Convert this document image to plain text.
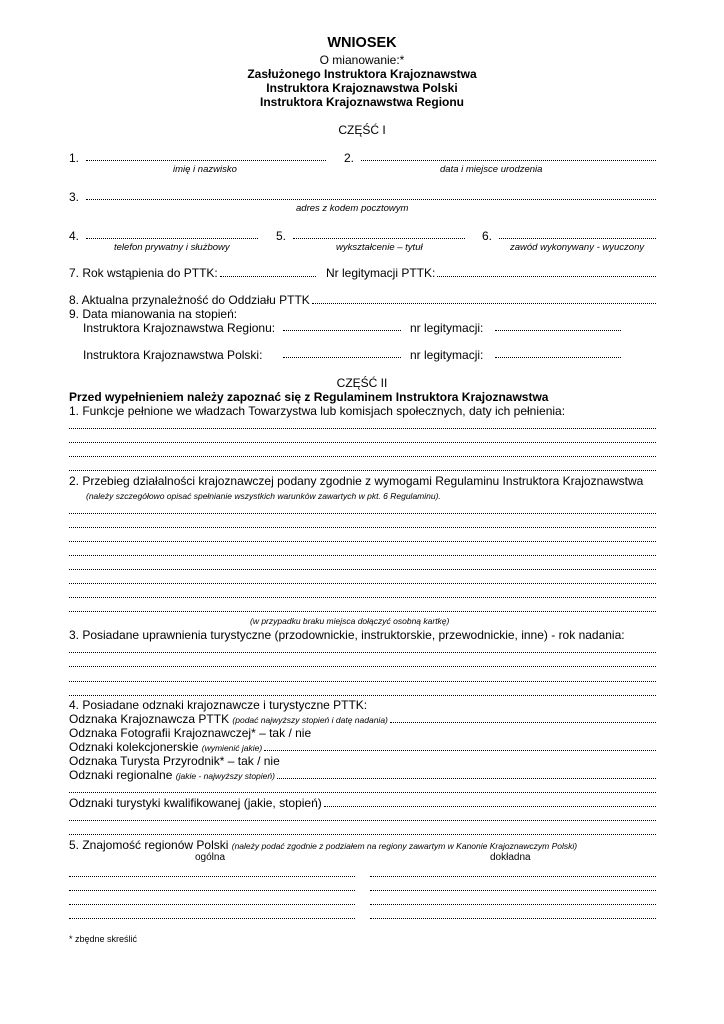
WNIOSEK
O mianowanie:*
Zasłużonego Instruktora Krajoznawstwa
Instruktora Krajoznawstwa Polski
Instruktora Krajoznawstwa Regionu
CZĘŚĆ I
1.	2.
imię i nazwisko	data i miejsce urodzenia
3.
adres z kodem pocztowym
4.	5.	6.
telefon prywatny i służbowy	wykształcenie – tytuł	zawód wykonywany - wyuczony
7. Rok wstąpienia do PTTK:	Nr legitymacji PTTK:
8. Aktualna przynależność do Oddziału PTTK
9. Data mianowania na stopień:
Instruktora Krajoznawstwa Regionu:	nr legitymacji:
Instruktora Krajoznawstwa Polski:	nr legitymacji:
CZĘŚĆ II
Przed wypełnieniem należy zapoznać się z Regulaminem Instruktora Krajoznawstwa
1. Funkcje pełnione we władzach Towarzystwa lub komisjach społecznych, daty ich pełnienia:
2. Przebieg działalności krajoznawczej podany zgodnie z wymogami Regulaminu Instruktora Krajoznawstwa
(należy szczegółowo opisać spełnianie wszystkich warunków zawartych w pkt. 6 Regulaminu).
(w przypadku braku miejsca dołączyć osobną kartkę)
3. Posiadane uprawnienia turystyczne (przodownickie, instruktorskie, przewodnickie, inne) - rok nadania:
4. Posiadane odznaki krajoznawcze i turystyczne PTTK:
Odznaka Krajoznawcza PTTK
(podać najwyższy stopień i datę nadania)
Odznaka Fotografii Krajoznawczej* – tak / nie
Odznaki kolekcjonerskie
(wymienić jakie)
Odznaka Turysta Przyrodnik* – tak / nie
Odznaki regionalne
(jakie - najwyższy stopień)
Odznaki turystyki kwalifikowanej (jakie, stopień)
5. Znajomość regionów Polski (należy podać zgodnie z podziałem na regiony zawartym w Kanonie Krajoznawczym Polski)
ogólna	dokładna
* zbędne skreślić
